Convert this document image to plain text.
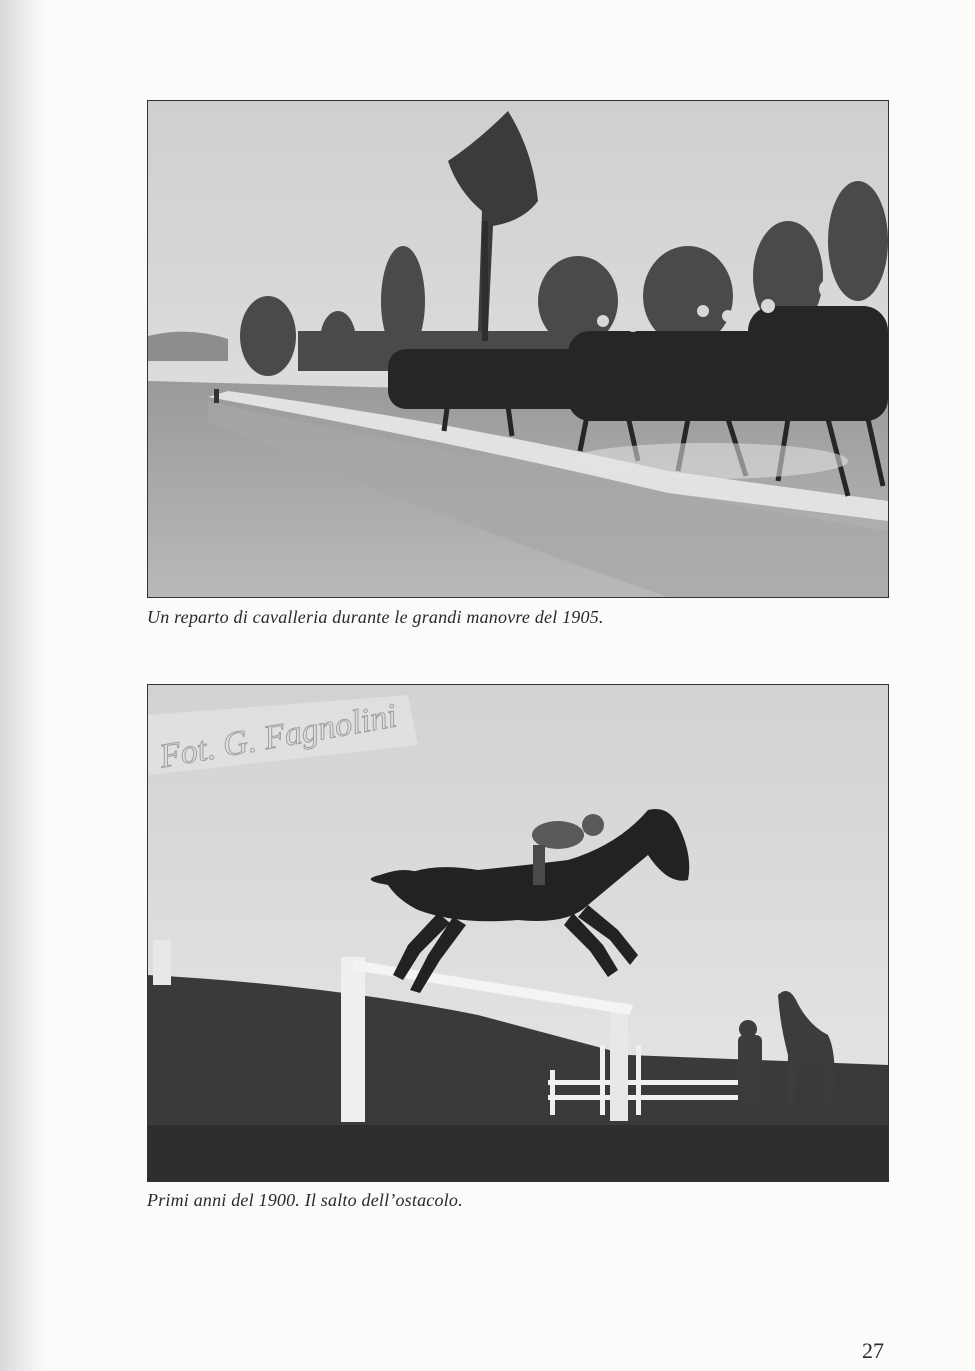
Un reparto di cavalleria durante le grandi manovre del 1905.
Fot. G. Fagnolini
Primi anni del 1900. Il salto dell’ostacolo.
27
